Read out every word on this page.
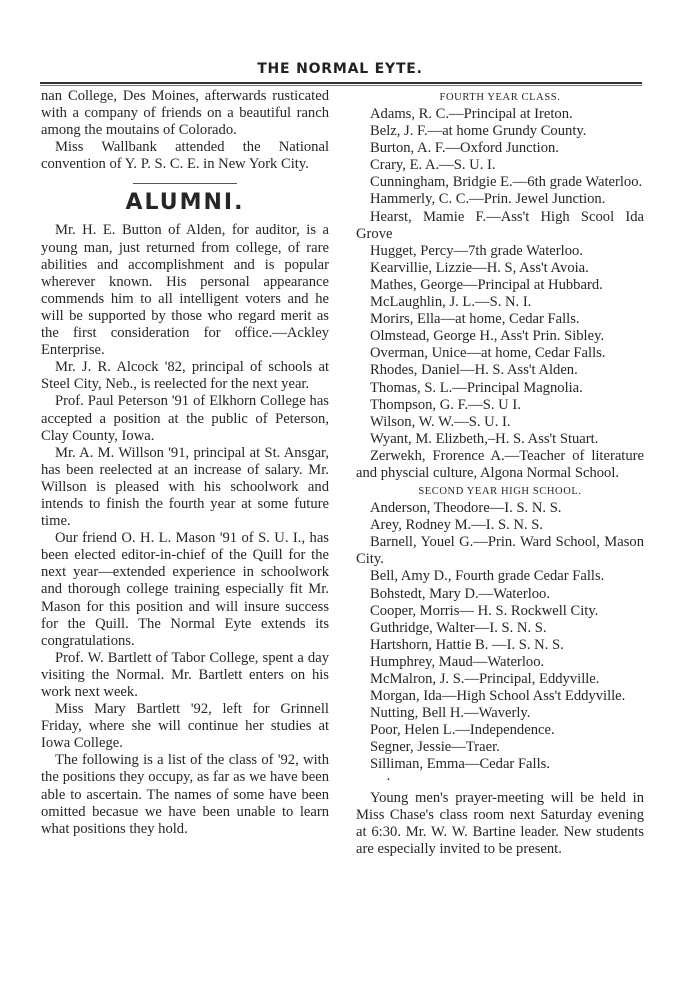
THE NORMAL EYTE.

nan College, Des Moines, afterwards rusticated with a company of friends on a beautiful ranch among the moutains of Colorado.

Miss Wallbank attended the National convention of Y. P. S. C. E. in New York City.

ALUMNI.

Mr. H. E. Button of Alden, for auditor, is a young man, just returned from college, of rare abilities and accomplishment and is popular wherever known. His personal appearance commends him to all intelligent voters and he will be supported by those who regard merit as the first consideration for office.—Ackley Enterprise.

Mr. J. R. Alcock '82, principal of schools at Steel City, Neb., is reelected for the next year.

Prof. Paul Peterson '91 of Elkhorn College has accepted a position at the public of Peterson, Clay County, Iowa.

Mr. A. M. Willson '91, principal at St. Ansgar, has been reelected at an increase of salary. Mr. Willson is pleased with his schoolwork and intends to finish the fourth year at some future time.

Our friend O. H. L. Mason '91 of S. U. I., has been elected editor-in-chief of the Quill for the next year—extended experience in schoolwork and thorough college training especially fit Mr. Mason for this position and will insure success for the Quill. The Normal Eyte extends its congratulations.

Prof. W. Bartlett of Tabor College, spent a day visiting the Normal. Mr. Bartlett enters on his work next week.

Miss Mary Bartlett '92, left for Grinnell Friday, where she will continue her studies at Iowa College.

The following is a list of the class of '92, with the positions they occupy, as far as we have been able to ascertain. The names of some have been omitted becasue we have been unable to learn what positions they hold.

FOURTH YEAR CLASS.

Adams, R. C.—Principal at Ireton.

Belz, J. F.—at home Grundy County.

Burton, A. F.—Oxford Junction.

Crary, E. A.—S. U. I.

Cunningham, Bridgie E.—6th grade Waterloo.

Hammerly, C. C.—Prin. Jewel Junction.

Hearst, Mamie F.—Ass't High Scool Ida Grove

Hugget, Percy—7th grade Waterloo.

Kearvillie, Lizzie—H. S, Ass't Avoia.

Mathes, George—Principal at Hubbard.

McLaughlin, J. L.—S. N. I.

Morirs, Ella—at home, Cedar Falls.

Olmstead, George H., Ass't Prin. Sibley.

Overman, Unice—at home, Cedar Falls.

Rhodes, Daniel—H. S. Ass't Alden.

Thomas, S. L.—Principal Magnolia.

Thompson, G. F.—S. U I.

Wilson, W. W.—S. U. I.

Wyant, M. Elizbeth,–H. S. Ass't Stuart.

Zerwekh, Frorence A.—Teacher of literature and physcial culture, Algona Normal School.

SECOND YEAR HIGH SCHOOL.

Anderson, Theodore—I. S. N. S.

Arey, Rodney M.—I. S. N. S.

Barnell, Youel G.—Prin. Ward School, Mason City.

Bell, Amy D., Fourth grade Cedar Falls.

Bohstedt, Mary D.—Waterloo.

Cooper, Morris— H. S. Rockwell City.

Guthridge, Walter—I. S. N. S.

Hartshorn, Hattie B. —I. S. N. S.

Humphrey, Maud—Waterloo.

McMalron, J. S.—Principal, Eddyville.

Morgan, Ida—High School Ass't Eddyville.

Nutting, Bell H.—Waverly.

Poor, Helen L.—Independence.

Segner, Jessie—Traer.

Silliman, Emma—Cedar Falls.

·

Young men's prayer-meeting will be held in Miss Chase's class room next Saturday evening at 6:30. Mr. W. W. Bartine leader. New students are especially invited to be present.
